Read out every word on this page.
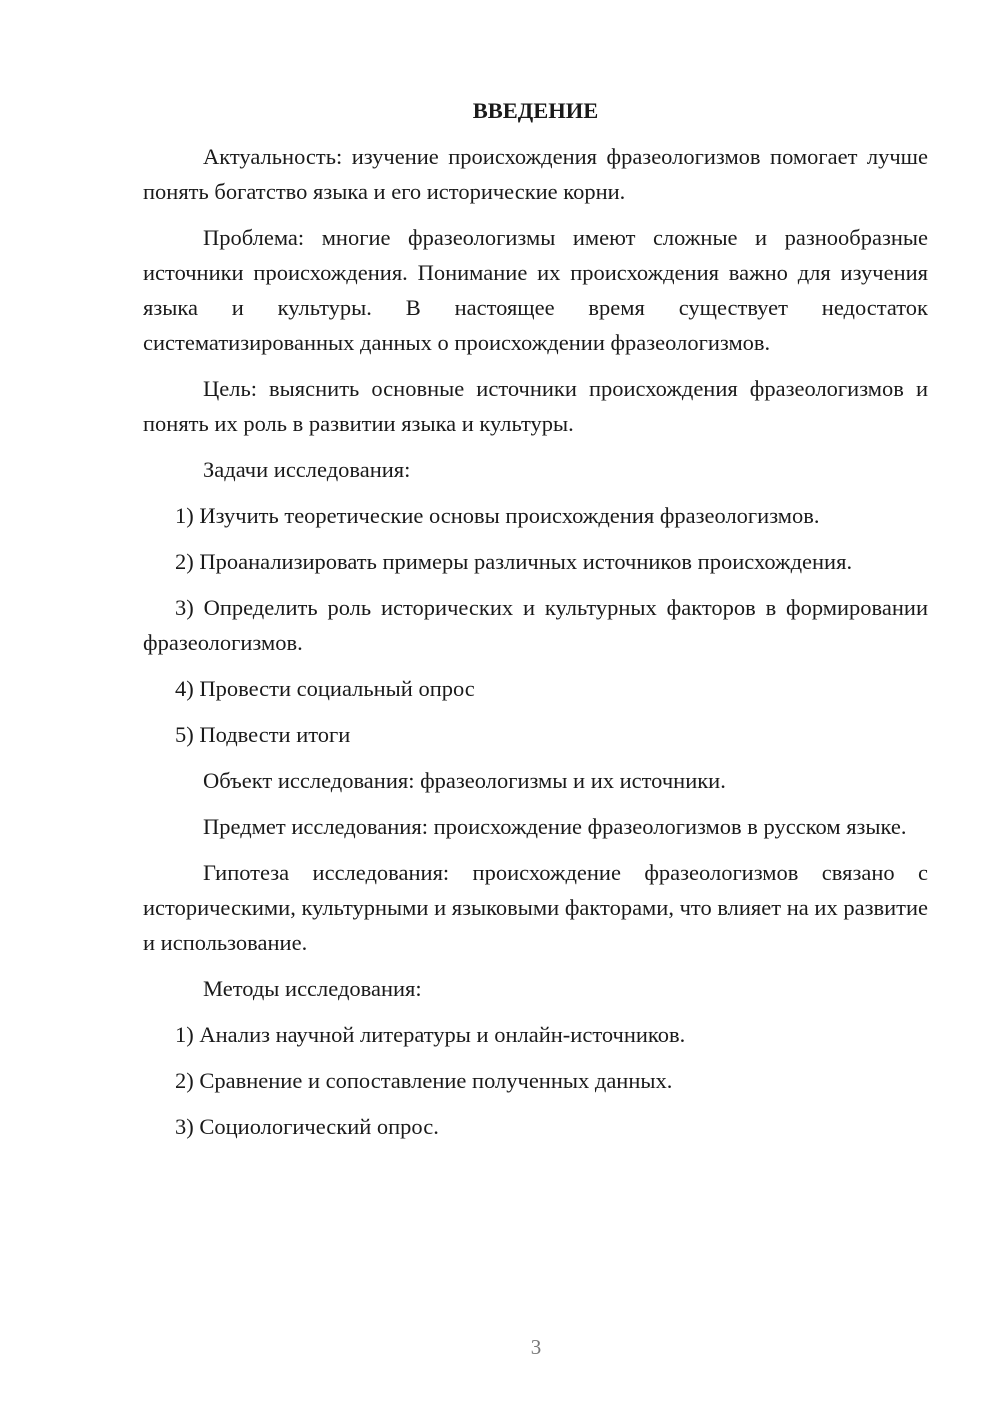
ВВЕДЕНИЕ
Актуальность: изучение происхождения фразеологизмов помогает лучше понять богатство языка и его исторические корни.
Проблема: многие фразеологизмы имеют сложные и разнообразные источники происхождения. Понимание их происхождения важно для изучения языка и культуры. В настоящее время существует недостаток систематизированных данных о происхождении фразеологизмов.
Цель: выяснить основные источники происхождения фразеологизмов и понять их роль в развитии языка и культуры.
Задачи исследования:
1) Изучить теоретические основы происхождения фразеологизмов.
2) Проанализировать примеры различных источников происхождения.
3) Определить роль исторических и культурных факторов в формировании фразеологизмов.
4) Провести социальный опрос
5) Подвести итоги
Объект исследования: фразеологизмы и их источники.
Предмет исследования: происхождение фразеологизмов в русском языке.
Гипотеза исследования: происхождение фразеологизмов связано с историческими, культурными и языковыми факторами, что влияет на их развитие и использование.
Методы исследования:
1) Анализ научной литературы и онлайн-источников.
2) Сравнение и сопоставление полученных данных.
3) Социологический опрос.
3
